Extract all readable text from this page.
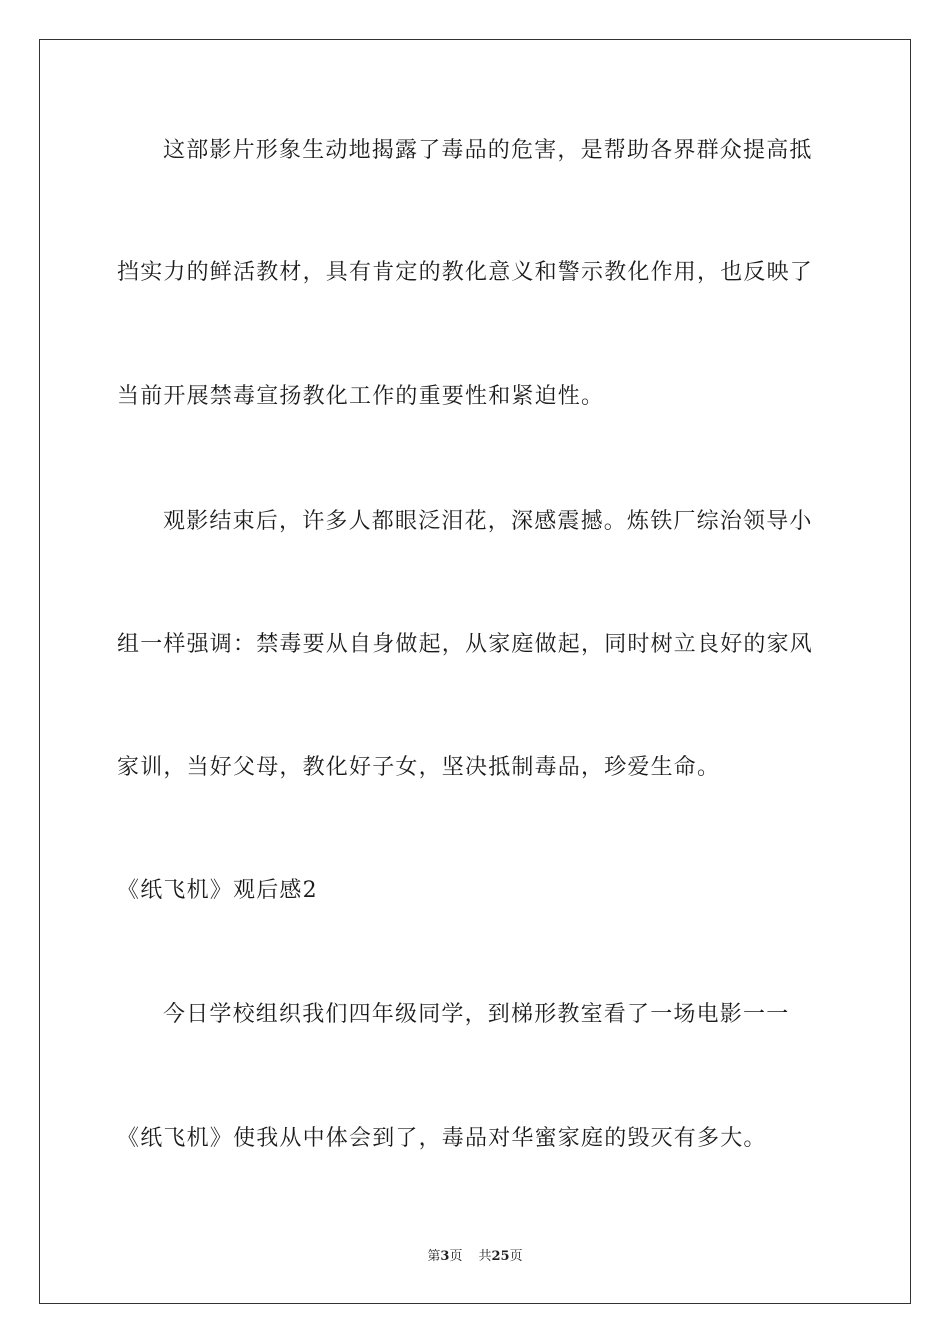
这部影片形象生动地揭露了毒品的危害，是帮助各界群众提高抵
挡实力的鲜活教材，具有肯定的教化意义和警示教化作用，也反映了
当前开展禁毒宣扬教化工作的重要性和紧迫性。
观影结束后，许多人都眼泛泪花，深感震撼。炼铁厂综治领导小
组一样强调：禁毒要从自身做起，从家庭做起，同时树立良好的家风
家训，当好父母，教化好子女，坚决抵制毒品，珍爱生命。
《纸飞机》观后感2
今日学校组织我们四年级同学，到梯形教室看了一场电影一一
《纸飞机》使我从中体会到了，毒品对华蜜家庭的毁灭有多大。
第3页 共25页
